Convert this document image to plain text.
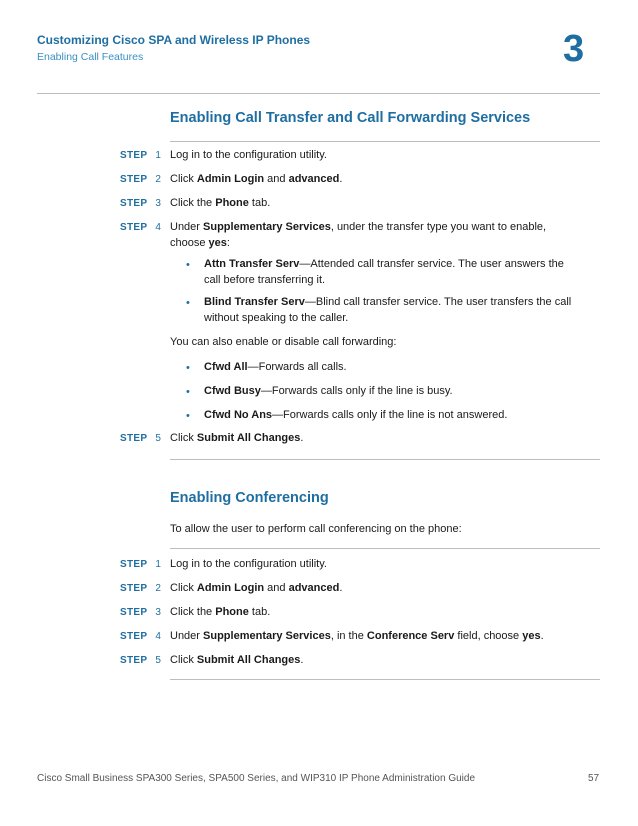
Customizing Cisco SPA and Wireless IP Phones
Enabling Call Features	3
Enabling Call Transfer and Call Forwarding Services
STEP 1 Log in to the configuration utility.
STEP 2 Click Admin Login and advanced.
STEP 3 Click the Phone tab.
STEP 4 Under Supplementary Services, under the transfer type you want to enable,
choose yes:
• Attn Transfer Serv—Attended call transfer service. The user answers the
call before transferring it.
• Blind Transfer Serv—Blind call transfer service. The user transfers the call
without speaking to the caller.
You can also enable or disable call forwarding:
• Cfwd All—Forwards all calls.
• Cfwd Busy—Forwards calls only if the line is busy.
• Cfwd No Ans—Forwards calls only if the line is not answered.
STEP 5 Click Submit All Changes.
Enabling Conferencing
To allow the user to perform call conferencing on the phone:
STEP 1 Log in to the configuration utility.
STEP 2 Click Admin Login and advanced.
STEP 3 Click the Phone tab.
STEP 4 Under Supplementary Services, in the Conference Serv field, choose yes.
STEP 5 Click Submit All Changes.
Cisco Small Business SPA300 Series, SPA500 Series, and WIP310 IP Phone Administration Guide	57
